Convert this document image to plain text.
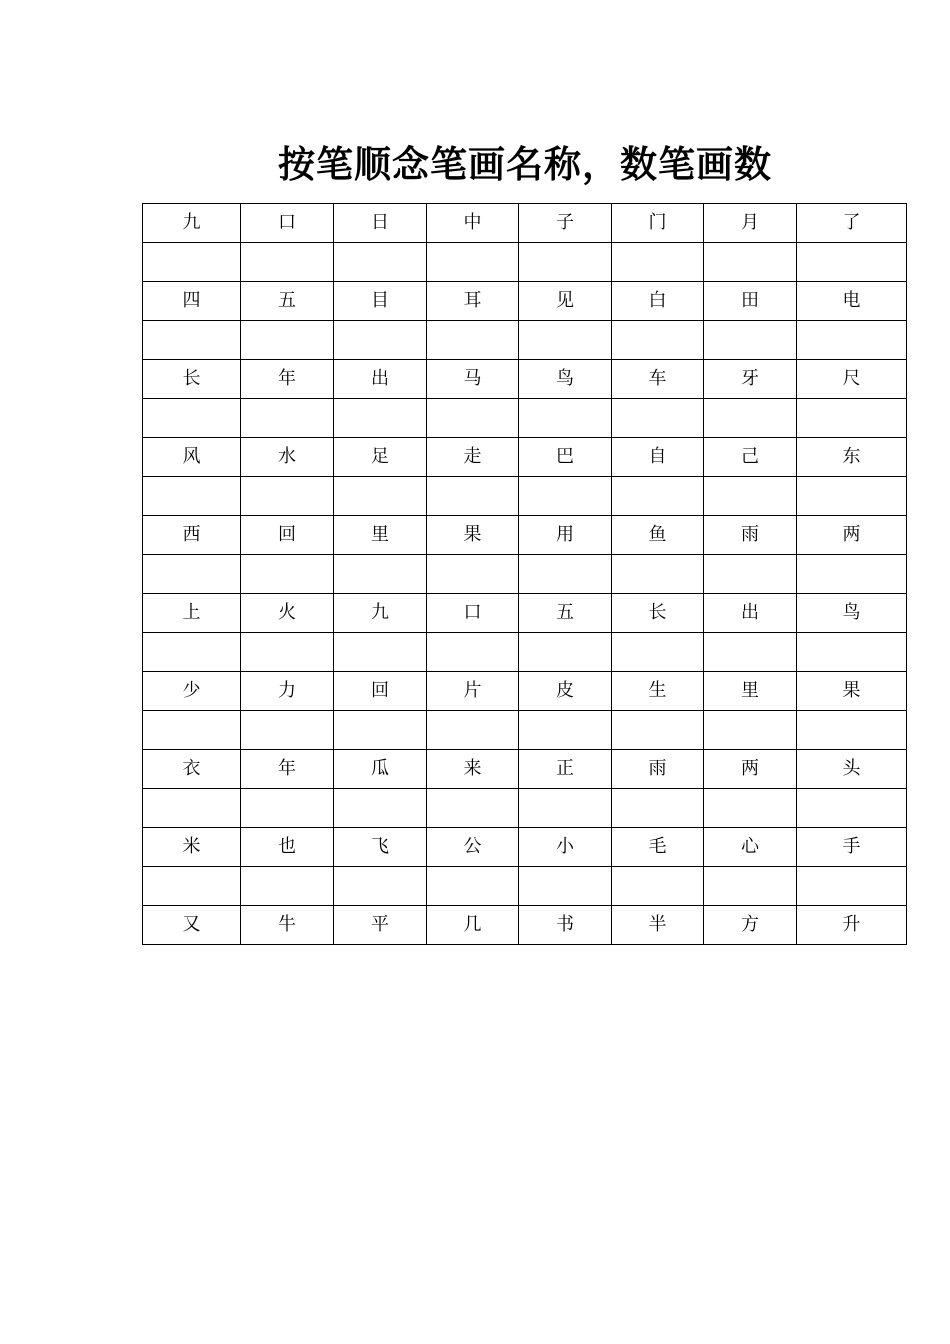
按笔顺念笔画名称，数笔画数
九	口	日	中	子	门	月	了

四	五	目	耳	见	白	田	电

长	年	出	马	鸟	车	牙	尺

风	水	足	走	巴	自	己	东

西	回	里	果	用	鱼	雨	两

上	火	九	口	五	长	出	鸟

少	力	回	片	皮	生	里	果

衣	年	瓜	来	正	雨	两	头

米	也	飞	公	小	毛	心	手

又	牛	平	几	书	半	方	升
